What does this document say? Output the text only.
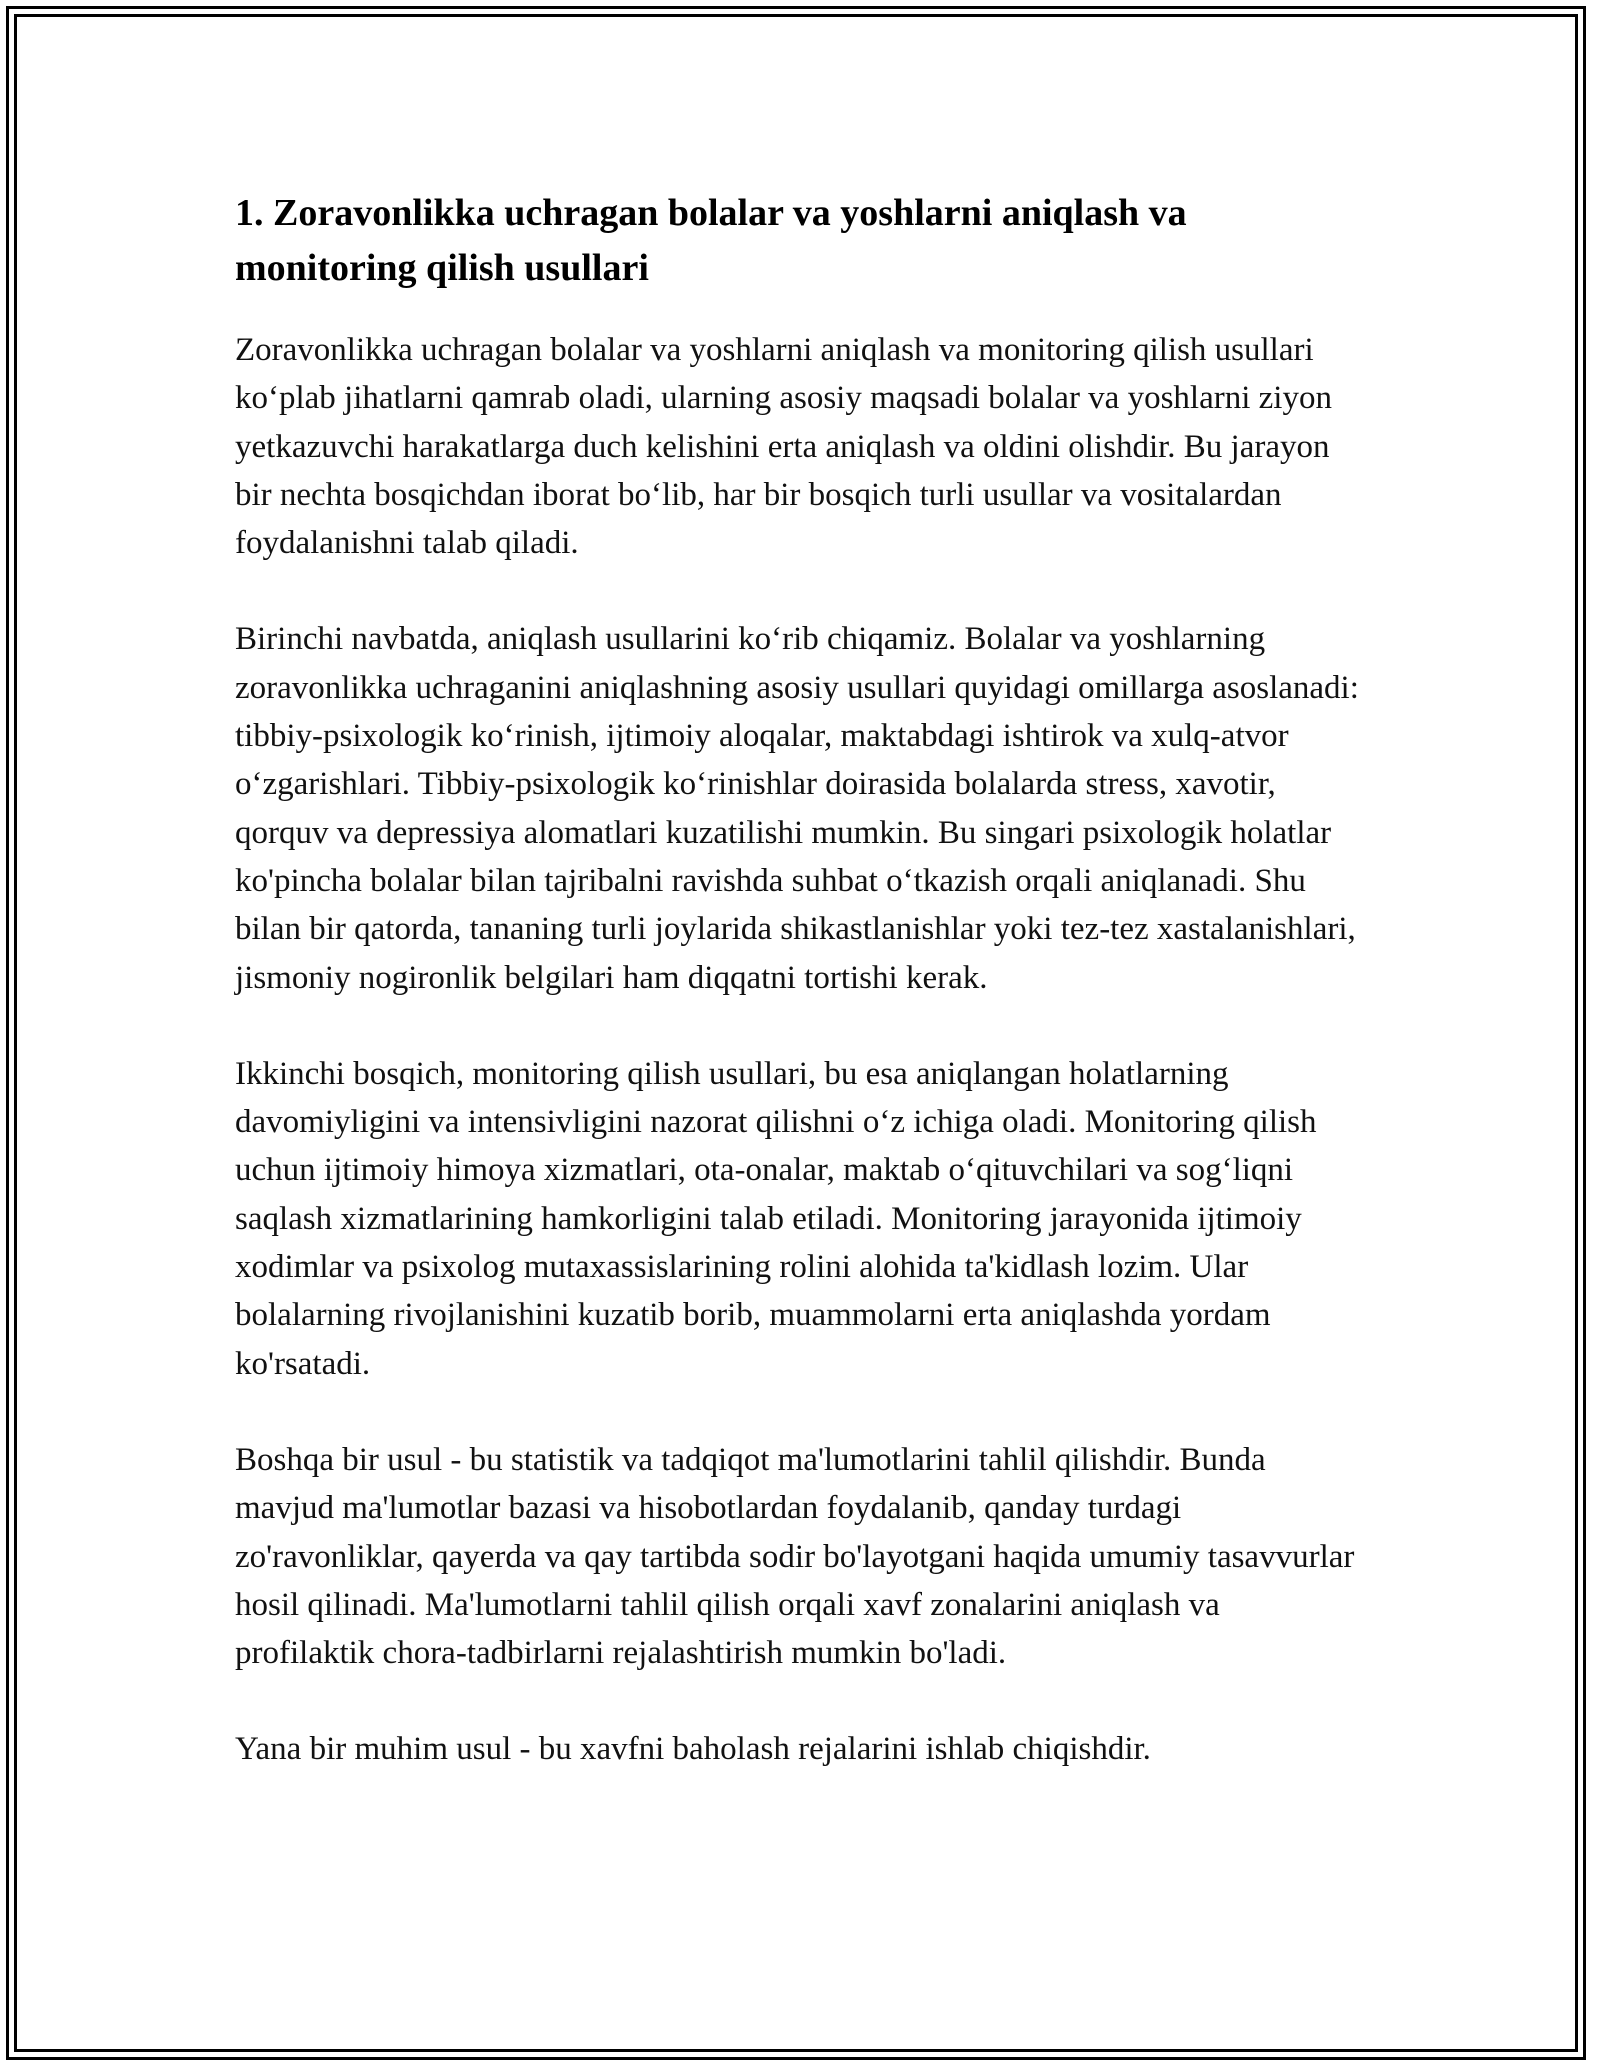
1. Zoravonlikka uchragan bolalar va yoshlarni aniqlash va monitoring qilish usullari

Zoravonlikka uchragan bolalar va yoshlarni aniqlash va monitoring qilish usullari ko‘plab jihatlarni qamrab oladi, ularning asosiy maqsadi bolalar va yoshlarni ziyon yetkazuvchi harakatlarga duch kelishini erta aniqlash va oldini olishdir. Bu jarayon bir nechta bosqichdan iborat bo‘lib, har bir bosqich turli usullar va vositalardan foydalanishni talab qiladi.

Birinchi navbatda, aniqlash usullarini ko‘rib chiqamiz. Bolalar va yoshlarning zoravonlikka uchraganini aniqlashning asosiy usullari quyidagi omillarga asoslanadi: tibbiy-psixologik ko‘rinish, ijtimoiy aloqalar, maktabdagi ishtirok va xulq-atvor o‘zgarishlari. Tibbiy-psixologik ko‘rinishlar doirasida bolalarda stress, xavotir, qorquv va depressiya alomatlari kuzatilishi mumkin. Bu singari psixologik holatlar ko'pincha bolalar bilan tajribalni ravishda suhbat o‘tkazish orqali aniqlanadi. Shu bilan bir qatorda, tananing turli joylarida shikastlanishlar yoki tez-tez xastalanishlari, jismoniy nogironlik belgilari ham diqqatni tortishi kerak.

Ikkinchi bosqich, monitoring qilish usullari, bu esa aniqlangan holatlarning davomiyligini va intensivligini nazorat qilishni o‘z ichiga oladi. Monitoring qilish uchun ijtimoiy himoya xizmatlari, ota-onalar, maktab o‘qituvchilari va sog‘liqni saqlash xizmatlarining hamkorligini talab etiladi. Monitoring jarayonida ijtimoiy xodimlar va psixolog mutaxassislarining rolini alohida ta'kidlash lozim. Ular bolalarning rivojlanishini kuzatib borib, muammolarni erta aniqlashda yordam ko'rsatadi.

Boshqa bir usul - bu statistik va tadqiqot ma'lumotlarini tahlil qilishdir. Bunda mavjud ma'lumotlar bazasi va hisobotlardan foydalanib, qanday turdagi zo'ravonliklar, qayerda va qay tartibda sodir bo'layotgani haqida umumiy tasavvurlar hosil qilinadi. Ma'lumotlarni tahlil qilish orqali xavf zonalarini aniqlash va profilaktik chora-tadbirlarni rejalashtirish mumkin bo'ladi.

Yana bir muhim usul - bu xavfni baholash rejalarini ishlab chiqishdir.
